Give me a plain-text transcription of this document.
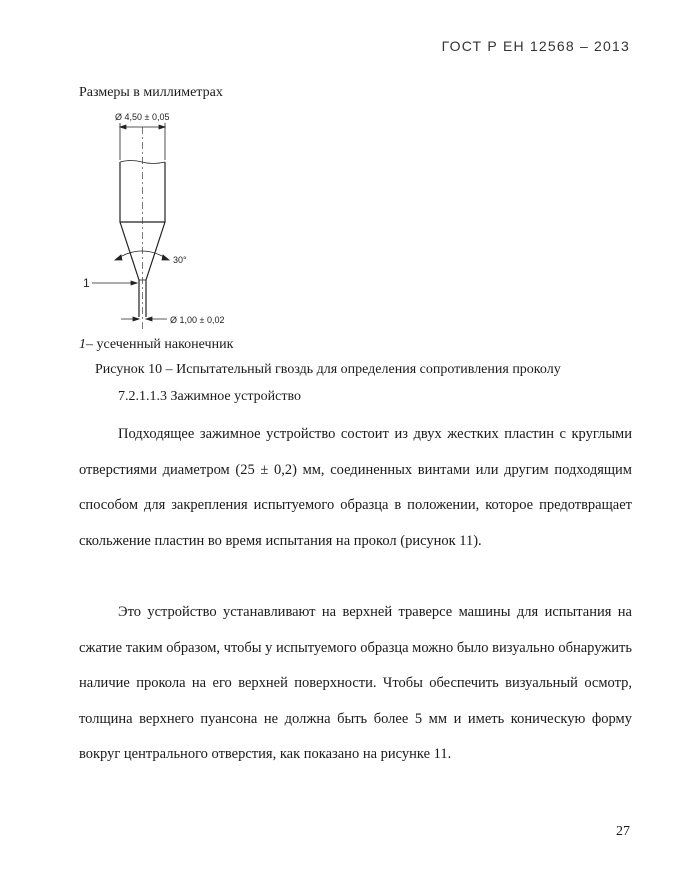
ГОСТ Р ЕН 12568 – 2013
Размеры в миллиметрах
Ø 4,50 ± 0,05
30°
1
Ø 1,00 ± 0,02
1– усеченный наконечник
Рисунок 10 – Испытательный гвоздь для определения сопротивления проколу
7.2.1.1.3 Зажимное устройство

Подходящее зажимное устройство состоит из двух жестких пластин с круглыми отверстиями диаметром (25 ± 0,2) мм, соединенных винтами или другим подходящим способом для закрепления испытуемого образца в положении, которое предотвращает скольжение пластин во время испытания на прокол (рисунок 11).

Это устройство устанавливают на верхней траверсе машины для испытания на сжатие таким образом, чтобы у испытуемого образца можно было визуально обнаружить наличие прокола на его верхней поверхности. Чтобы обеспечить визуальный осмотр, толщина верхнего пуансона не должна быть более 5 мм и иметь коническую форму вокруг центрального отверстия, как показано на рисунке 11.

27
